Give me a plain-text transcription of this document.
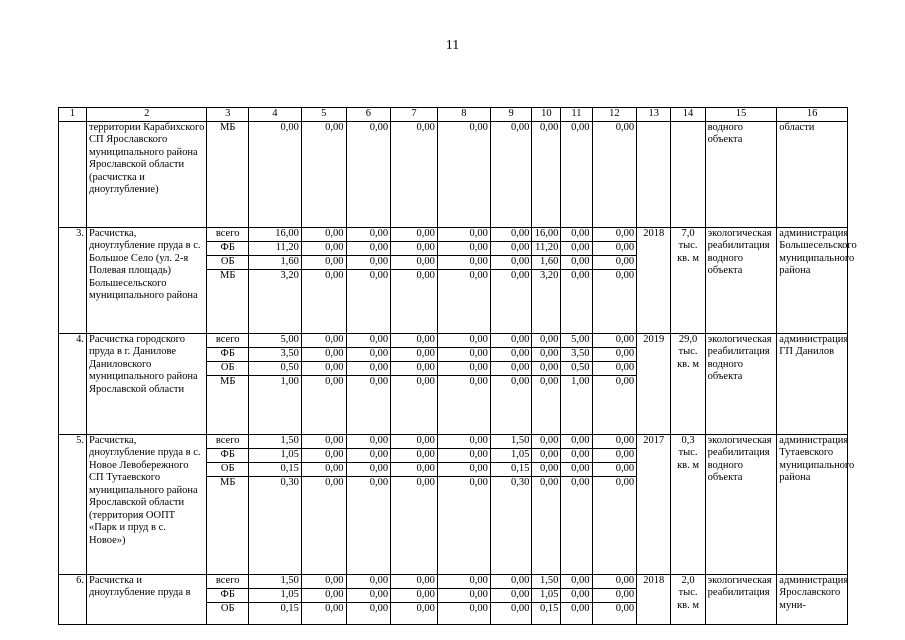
11
1	2	3	4	5	6	7	8	9	10	11	12	13	14	15	16
	территории Карабихского СП Ярославского муниципального района Ярославской области (расчистка и дноуглубление)	МБ	0,00	0,00	0,00	0,00	0,00	0,00	0,00	0,00	0,00			водного объекта	области
3.	Расчистка, дноуглубление пруда в с. Большое Село (ул. 2-я Полевая площадь) Большесельского муниципального района	всего	16,00	0,00	0,00	0,00	0,00	0,00	16,00	0,00	0,00	2018	7,0 тыс. кв. м	экологическая реабилитация водного объекта	администрация Большесельского муниципального района
		ФБ	11,20	0,00	0,00	0,00	0,00	0,00	11,20	0,00	0,00				
		ОБ	1,60	0,00	0,00	0,00	0,00	0,00	1,60	0,00	0,00				
		МБ	3,20	0,00	0,00	0,00	0,00	0,00	3,20	0,00	0,00				
4.	Расчистка городского пруда в г. Данилове Даниловского муниципального района Ярославской области	всего	5,00	0,00	0,00	0,00	0,00	0,00	0,00	5,00	0,00	2019	29,0 тыс. кв. м	экологическая реабилитация водного объекта	администрация ГП Данилов
		ФБ	3,50	0,00	0,00	0,00	0,00	0,00	0,00	3,50	0,00				
		ОБ	0,50	0,00	0,00	0,00	0,00	0,00	0,00	0,50	0,00				
		МБ	1,00	0,00	0,00	0,00	0,00	0,00	0,00	1,00	0,00				
5.	Расчистка, дноуглубление пруда в с. Новое Левобережного СП Тутаевского муниципального района Ярославской области (территория ООПТ «Парк и пруд в с. Новое»)	всего	1,50	0,00	0,00	0,00	0,00	1,50	0,00	0,00	0,00	2017	0,3 тыс. кв. м	экологическая реабилитация водного объекта	администрация Тутаевского муниципального района
		ФБ	1,05	0,00	0,00	0,00	0,00	1,05	0,00	0,00	0,00				
		ОБ	0,15	0,00	0,00	0,00	0,00	0,15	0,00	0,00	0,00				
		МБ	0,30	0,00	0,00	0,00	0,00	0,30	0,00	0,00	0,00				
6.	Расчистка и дноуглубление пруда в	всего	1,50	0,00	0,00	0,00	0,00	0,00	1,50	0,00	0,00	2018	2,0 тыс. кв. м	экологическая реабилитация	администрация Ярославского муни-
		ФБ	1,05	0,00	0,00	0,00	0,00	0,00	1,05	0,00	0,00				
		ОБ	0,15	0,00	0,00	0,00	0,00	0,00	0,15	0,00	0,00				
